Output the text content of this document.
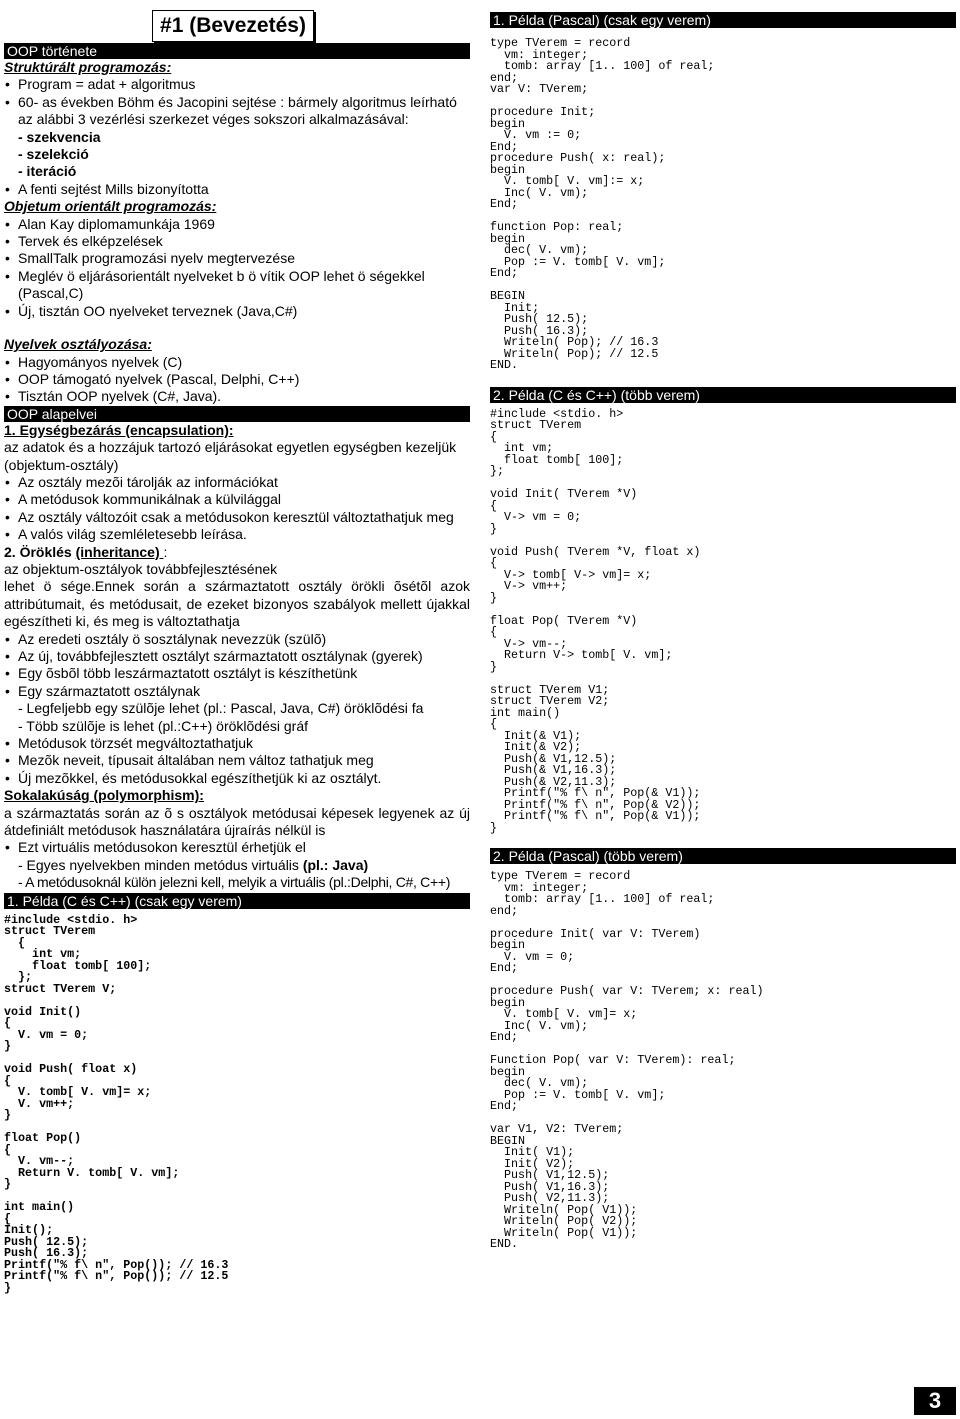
#1 (Bevezetés)
OOP története
Struktúrált programozás:
• Program = adat + algoritmus
• 60- as években Böhm és Jacopini sejtése : bármely algoritmus leírható az alábbi 3 vezérlési szerkezet véges sokszori alkalmazásával:
- szekvencia
- szelekció
- iteráció
• A fenti sejtést Mills bizonyította
Objetum orientált programozás:
• Alan Kay diplomamunkája 1969
• Tervek és elképzelések
• SmallTalk programozási nyelv megtervezése
• Meglév ö eljárásorientált nyelveket b ö vítik OOP lehet ö ségekkel (Pascal,C)
• Új, tisztán OO nyelveket terveznek (Java,C#)
Nyelvek osztályozása:
• Hagyományos nyelvek (C)
• OOP támogató nyelvek (Pascal, Delphi, C++)
• Tisztán OOP nyelvek (C#, Java).
OOP alapelvei
1. Egységbezárás (encapsulation):
az adatok és a hozzájuk tartozó eljárásokat egyetlen egységben kezeljük (objektum-osztály)
• Az osztály mezõi tárolják az információkat
• A metódusok kommunikálnak a külvilággal
• Az osztály változóit csak a metódusokon keresztül változtathatjuk meg
• A valós világ szemléletesebb leírása.
2. Öröklés (inheritance) :
az objektum-osztályok továbbfejlesztésének
lehet ö sége.Ennek során a származtatott osztály örökli õsétõl azok attribútumait, és metódusait, de ezeket bizonyos szabályok mellett újakkal egészítheti ki, és meg is változtathatja
• Az eredeti osztály ö sosztálynak nevezzük (szülõ)
• Az új, továbbfejlesztett osztályt származtatott osztálynak (gyerek)
• Egy õsbõl több leszármaztatott osztályt is készíthetünk
• Egy származtatott osztálynak
- Legfeljebb egy szülõje lehet (pl.: Pascal, Java, C#) öröklõdési fa
- Több szülõje is lehet (pl.:C++) öröklõdési gráf
• Metódusok törzsét megváltoztathatjuk
• Mezõk neveit, típusait általában nem változ tathatjuk meg
• Új mezõkkel, és metódusokkal egészíthetjük ki az osztályt.
Sokalakúság (polymorphism):
a származtatás során az õ s osztályok metódusai képesek legyenek az új átdefiniált metódusok használatára újraírás nélkül is
• Ezt virtuális metódusokon keresztül érhetjük el
- Egyes nyelvekben minden metódus virtuális (pl.: Java)
- A metódusoknál külön jelezni kell, melyik a virtuális (pl.:Delphi, C#, C++)
1. Példa (C és C++) (csak egy verem)
#include <stdio. h>
struct TVerem
{
int vm;
float tomb[ 100];
};
struct TVerem V;

void Init()
{
V. vm = 0;
}

void Push( float x)
{
V. tomb[ V. vm]= x;
V. vm++;
}

float Pop()
{
V. vm--;
Return V. tomb[ V. vm];
}

int main()
{
Init();
Push( 12.5);
Push( 16.3);
Printf("% f\ n", Pop()); // 16.3
Printf("% f\ n", Pop()); // 12.5
}
1. Példa (Pascal) (csak egy verem)
type TVerem = record
vm: integer;
tomb: array [1.. 100] of real;
end;
var V: TVerem;

procedure Init;
begin
V. vm := 0;
End;
procedure Push( x: real);
begin
V. tomb[ V. vm]:= x;
Inc( V. vm);
End;

function Pop: real;
begin
dec( V. vm);
Pop := V. tomb[ V. vm];
End;

BEGIN
Init;
Push( 12.5);
Push( 16.3);
Writeln( Pop); // 16.3
Writeln( Pop); // 12.5
END.
2. Példa (C és C++) (több verem)
#include <stdio. h>
struct TVerem
{
int vm;
float tomb[ 100];
};

void Init( TVerem *V)
{
V-> vm = 0;
}

void Push( TVerem *V, float x)
{
V-> tomb[ V-> vm]= x;
V-> vm++;
}

float Pop( TVerem *V)
{
V-> vm--;
Return V-> tomb[ V. vm];
}

struct TVerem V1;
struct TVerem V2;
int main()
{
Init(& V1);
Init(& V2);
Push(& V1,12.5);
Push(& V1,16.3);
Push(& V2,11.3);
Printf("% f\ n", Pop(& V1));
Printf("% f\ n", Pop(& V2));
Printf("% f\ n", Pop(& V1));
}
2. Példa (Pascal) (több verem)
type TVerem = record
vm: integer;
tomb: array [1.. 100] of real;
end;

procedure Init( var V: TVerem)
begin
V. vm = 0;
End;

procedure Push( var V: TVerem; x: real)
begin
V. tomb[ V. vm]= x;
Inc( V. vm);
End;

Function Pop( var V: TVerem): real;
begin
dec( V. vm);
Pop := V. tomb[ V. vm];
End;

var V1, V2: TVerem;
BEGIN
Init( V1);
Init( V2);
Push( V1,12.5);
Push( V1,16.3);
Push( V2,11.3);
Writeln( Pop( V1));
Writeln( Pop( V2));
Writeln( Pop( V1));
END.
3
